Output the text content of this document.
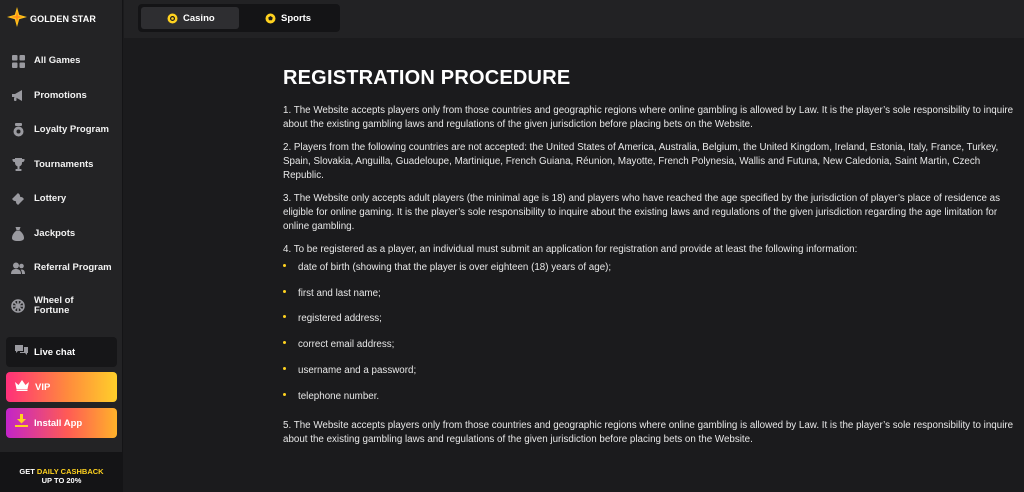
GOLDEN STAR
All Games
Promotions
Loyalty Program
Tournaments
Lottery
Jackpots
Referral Program
Wheel of Fortune
Live chat
VIP
Install App
GET DAILY CASHBACK
UP TO 20%
Casino	Sports
REGISTRATION PROCEDURE

1. The Website accepts players only from those countries and geographic regions where online gambling is allowed by Law. It is the player’s sole responsibility to inquire about the existing gambling laws and regulations of the given jurisdiction before placing bets on the Website.

2. Players from the following countries are not accepted: the United States of America, Australia, Belgium, the United Kingdom, Ireland, Estonia, Italy, France, Turkey, Spain, Slovakia, Anguilla, Guadeloupe, Martinique, French Guiana, Réunion, Mayotte, French Polynesia, Wallis and Futuna, New Caledonia, Saint Martin, Czech Republic.

3. The Website only accepts adult players (the minimal age is 18) and players who have reached the age specified by the jurisdiction of player’s place of residence as eligible for online gaming. It is the player’s sole responsibility to inquire about the existing laws and regulations of the given jurisdiction regarding the age limitation for online gambling.

4. To be registered as a player, an individual must submit an application for registration and provide at least the following information:

date of birth (showing that the player is over eighteen (18) years of age);
first and last name;
registered address;
correct email address;
username and a password;
telephone number.

5. The Website accepts players only from those countries and geographic regions where online gambling is allowed by Law. It is the player’s sole responsibility to inquire about the existing gambling laws and regulations of the given jurisdiction before placing bets on the Website.
